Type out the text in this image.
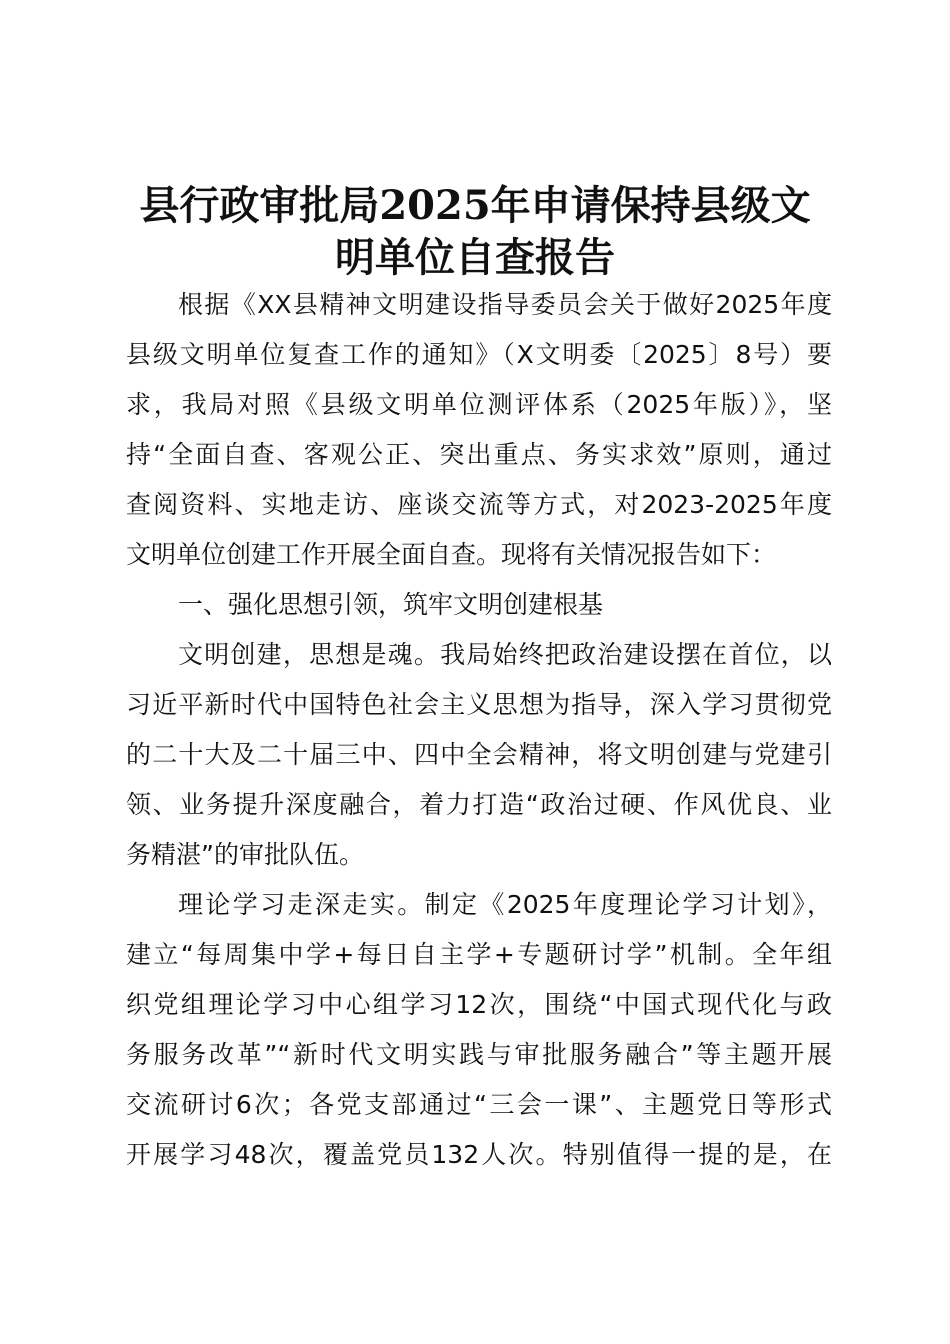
县行政审批局2025年申请保持县级文
明单位自查报告
根据《XX县精神文明建设指导委员会关于做好2025年度
县级文明单位复查工作的通知》（X文明委〔2025〕8号）要
求，我局对照《县级文明单位测评体系（2025年版）》，坚
持“全面自查、客观公正、突出重点、务实求效”原则，通过
查阅资料、实地走访、座谈交流等方式，对2023-2025年度
文明单位创建工作开展全面自查。现将有关情况报告如下：
一、强化思想引领，筑牢文明创建根基
文明创建，思想是魂。我局始终把政治建设摆在首位，以
习近平新时代中国特色社会主义思想为指导，深入学习贯彻党
的二十大及二十届三中、四中全会精神，将文明创建与党建引
领、业务提升深度融合，着力打造“政治过硬、作风优良、业
务精湛”的审批队伍。
理论学习走深走实。制定《2025年度理论学习计划》，
建立“每周集中学+每日自主学+专题研讨学”机制。全年组
织党组理论学习中心组学习12次，围绕“中国式现代化与政
务服务改革”“新时代文明实践与审批服务融合”等主题开展
交流研讨6次；各党支部通过“三会一课”、主题党日等形式
开展学习48次，覆盖党员132人次。特别值得一提的是，在
